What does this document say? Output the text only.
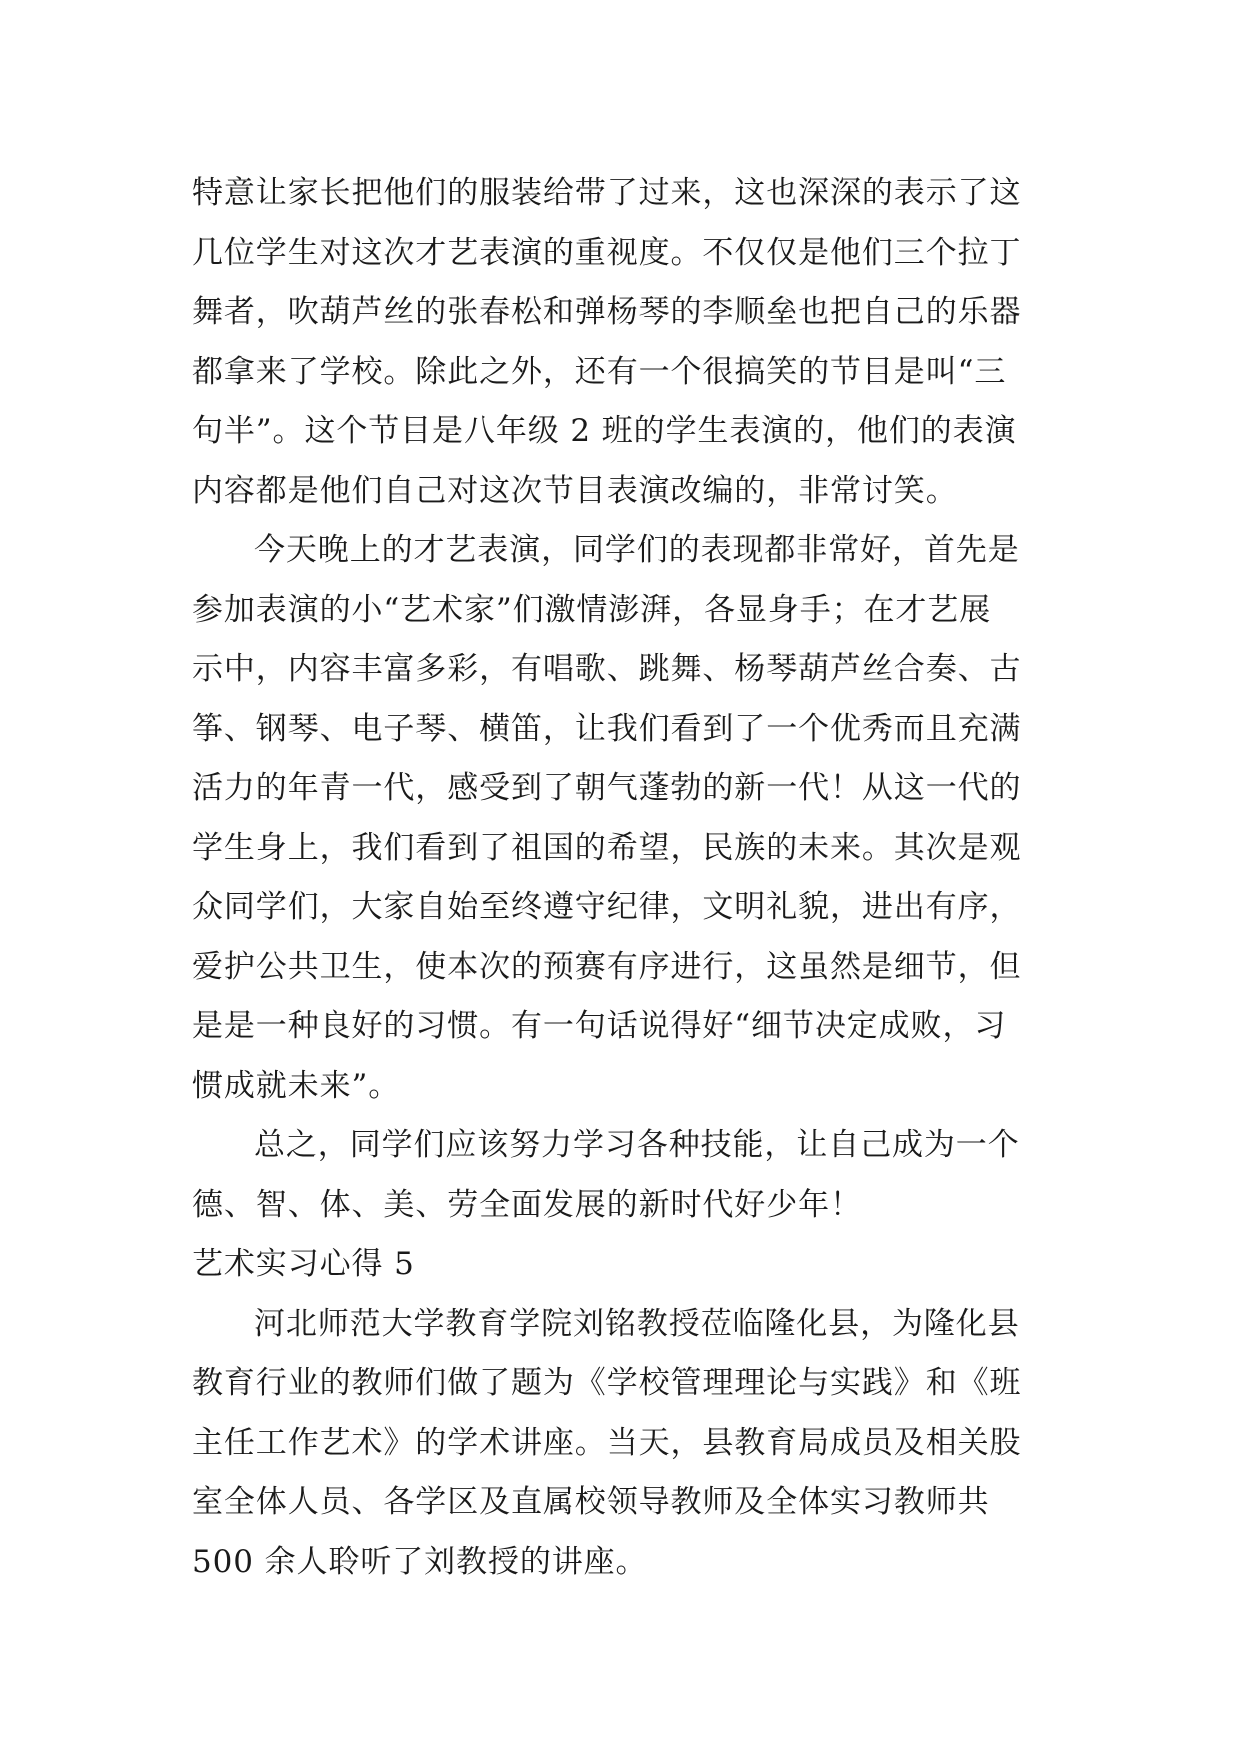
特意让家长把他们的服装给带了过来，这也深深的表示了这
几位学生对这次才艺表演的重视度。不仅仅是他们三个拉丁
舞者，吹葫芦丝的张春松和弹杨琴的李顺垒也把自己的乐器
都拿来了学校。除此之外，还有一个很搞笑的节目是叫“三
句半”。这个节目是八年级 2 班的学生表演的，他们的表演
内容都是他们自己对这次节目表演改编的，非常讨笑。
今天晚上的才艺表演，同学们的表现都非常好，首先是
参加表演的小“艺术家”们激情澎湃，各显身手；在才艺展
示中，内容丰富多彩，有唱歌、跳舞、杨琴葫芦丝合奏、古
筝、钢琴、电子琴、横笛，让我们看到了一个优秀而且充满
活力的年青一代，感受到了朝气蓬勃的新一代！从这一代的
学生身上，我们看到了祖国的希望，民族的未来。其次是观
众同学们，大家自始至终遵守纪律，文明礼貌，进出有序，
爱护公共卫生，使本次的预赛有序进行，这虽然是细节，但
是是一种良好的习惯。有一句话说得好“细节决定成败，习
惯成就未来”。
总之，同学们应该努力学习各种技能，让自己成为一个
德、智、体、美、劳全面发展的新时代好少年！
艺术实习心得 5
河北师范大学教育学院刘铭教授莅临隆化县，为隆化县
教育行业的教师们做了题为《学校管理理论与实践》和《班
主任工作艺术》的学术讲座。当天，县教育局成员及相关股
室全体人员、各学区及直属校领导教师及全体实习教师共
500 余人聆听了刘教授的讲座。
